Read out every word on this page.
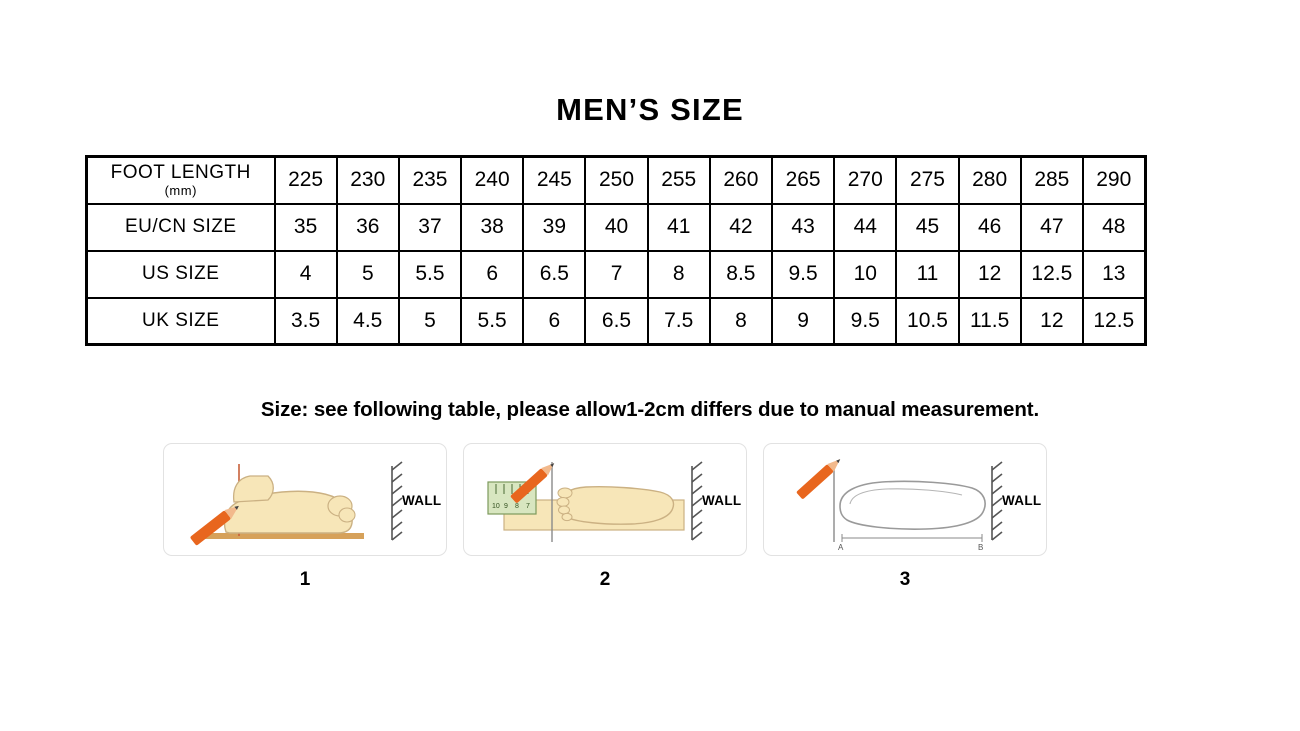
MEN’S SIZE
FOOT LENGTH
(mm)	225	230	235	240	245	250	255	260	265	270	275	280	285	290
EU/CN SIZE	35	36	37	38	39	40	41	42	43	44	45	46	47	48
US SIZE	4	5	5.5	6	6.5	7	8	8.5	9.5	10	11	12	12.5	13
UK SIZE	3.5	4.5	5	5.5	6	6.5	7.5	8	9	9.5	10.5	11.5	12	12.5
Size: see following table, please allow1-2cm differs due to manual measurement.
WALL
1
10 9 8 7	WALL
2
A	B
WALL
3
